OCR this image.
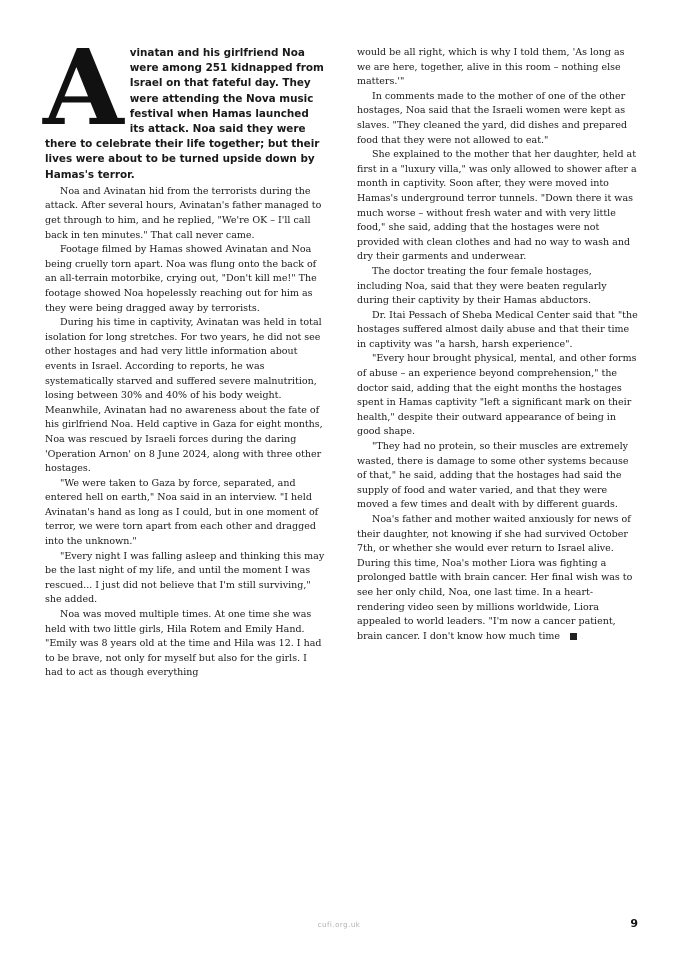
Avinatan and his girlfriend Noa were among 251 kidnapped from Israel on that fateful day. They were attending the Nova music festival when Hamas launched its attack. Noa said they were there to celebrate their life together; but their lives were about to be turned upside down by Hamas's terror.

Noa and Avinatan hid from the terrorists during the attack. After several hours, Avinatan's father managed to get through to him, and he replied, "We're OK – I'll call back in ten minutes." That call never came.

Footage filmed by Hamas showed Avinatan and Noa being cruelly torn apart. Noa was flung onto the back of an all-terrain motorbike, crying out, "Don't kill me!" The footage showed Noa hopelessly reaching out for him as they were being dragged away by terrorists.

During his time in captivity, Avinatan was held in total isolation for long stretches. For two years, he did not see other hostages and had very little information about events in Israel. According to reports, he was systematically starved and suffered severe malnutrition, losing between 30% and 40% of his body weight. Meanwhile, Avinatan had no awareness about the fate of his girlfriend Noa. Held captive in Gaza for eight months, Noa was rescued by Israeli forces during the daring 'Operation Arnon' on 8 June 2024, along with three other hostages.

"We were taken to Gaza by force, separated, and entered hell on earth," Noa said in an interview. "I held Avinatan's hand as long as I could, but in one moment of terror, we were torn apart from each other and dragged into the unknown."

"Every night I was falling asleep and thinking this may be the last night of my life, and until the moment I was rescued... I just did not believe that I'm still surviving," she added.

Noa was moved multiple times. At one time she was held with two little girls, Hila Rotem and Emily Hand. "Emily was 8 years old at the time and Hila was 12. I had to be brave, not only for myself but also for the girls. I had to act as though everything

would be all right, which is why I told them, 'As long as we are here, together, alive in this room – nothing else matters.'"

In comments made to the mother of one of the other hostages, Noa said that the Israeli women were kept as slaves. "They cleaned the yard, did dishes and prepared food that they were not allowed to eat."

She explained to the mother that her daughter, held at first in a "luxury villa," was only allowed to shower after a month in captivity. Soon after, they were moved into Hamas's underground terror tunnels. "Down there it was much worse – without fresh water and with very little food," she said, adding that the hostages were not provided with clean clothes and had no way to wash and dry their garments and underwear.

The doctor treating the four female hostages, including Noa, said that they were beaten regularly during their captivity by their Hamas abductors.

Dr. Itai Pessach of Sheba Medical Center said that "the hostages suffered almost daily abuse and that their time in captivity was "a harsh, harsh experience".

"Every hour brought physical, mental, and other forms of abuse – an experience beyond comprehension," the doctor said, adding that the eight months the hostages spent in Hamas captivity "left a significant mark on their health," despite their outward appearance of being in good shape.

"They had no protein, so their muscles are extremely wasted, there is damage to some other systems because of that," he said, adding that the hostages had said the supply of food and water varied, and that they were moved a few times and dealt with by different guards.

Noa's father and mother waited anxiously for news of their daughter, not knowing if she had survived October 7th, or whether she would ever return to Israel alive. During this time, Noa's mother Liora was fighting a prolonged battle with brain cancer. Her final wish was to see her only child, Noa, one last time. In a heart-rendering video seen by millions worldwide, Liora appealed to world leaders. "I'm now a cancer patient, brain cancer. I don't know how much time

cufi.org.uk	9
